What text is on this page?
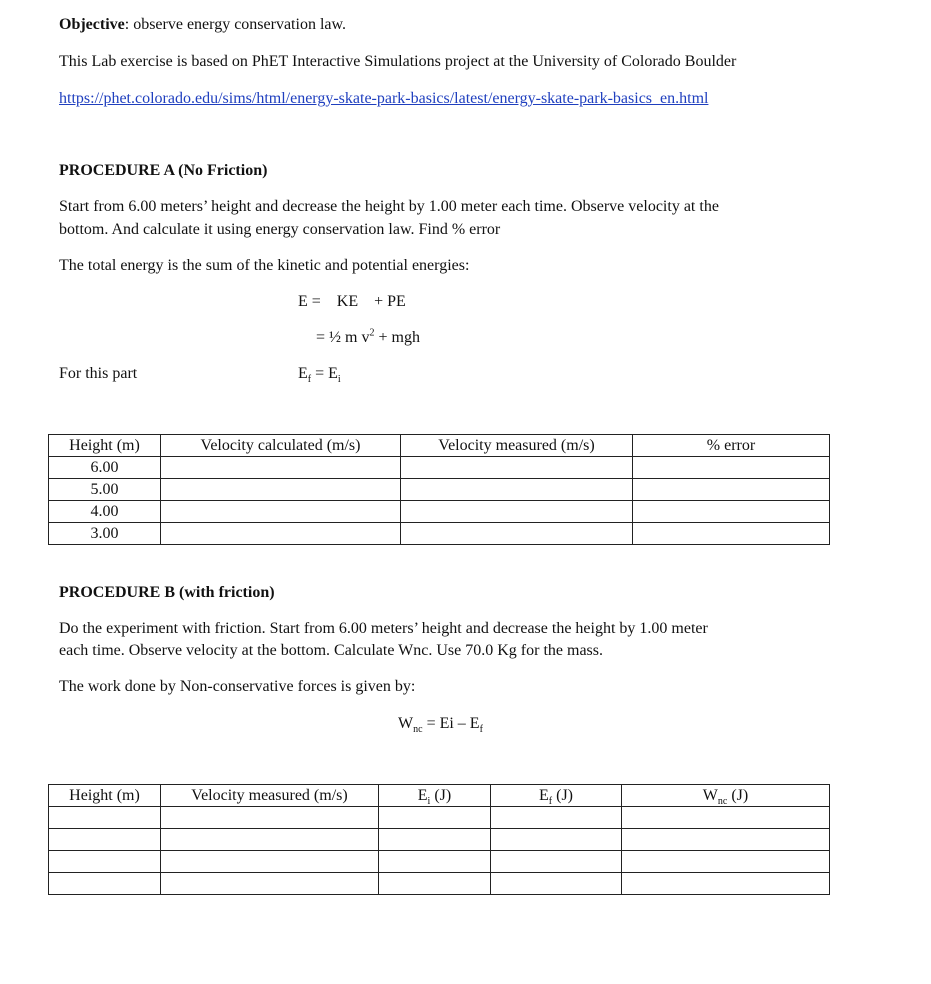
Objective: observe energy conservation law.
This Lab exercise is based on PhET Interactive Simulations project at the University of Colorado Boulder
https://phet.colorado.edu/sims/html/energy-skate-park-basics/latest/energy-skate-park-basics_en.html
PROCEDURE A (No Friction)
Start from 6.00 meters’ height and decrease the height by 1.00 meter each time. Observe velocity at the
bottom. And calculate it using energy conservation law. Find % error
The total energy is the sum of the kinetic and potential energies:
E =    KE    + PE
= ½ m $v^2$ + mgh
For this part	$E_f = E_i$
Height (m)	Velocity calculated (m/s)	Velocity measured (m/s)	% error
6.00			
5.00			
4.00			
3.00			
PROCEDURE B (with friction)
Do the experiment with friction. Start from 6.00 meters’ height and decrease the height by 1.00 meter
each time. Observe velocity at the bottom. Calculate Wnc. Use 70.0 Kg for the mass.
The work done by Non-conservative forces is given by:
$W_{nc} = Ei - E_f$
Height (m)	Velocity measured (m/s)	$E_i$ (J)	$E_f$ (J)	$W_{nc}$ (J)
